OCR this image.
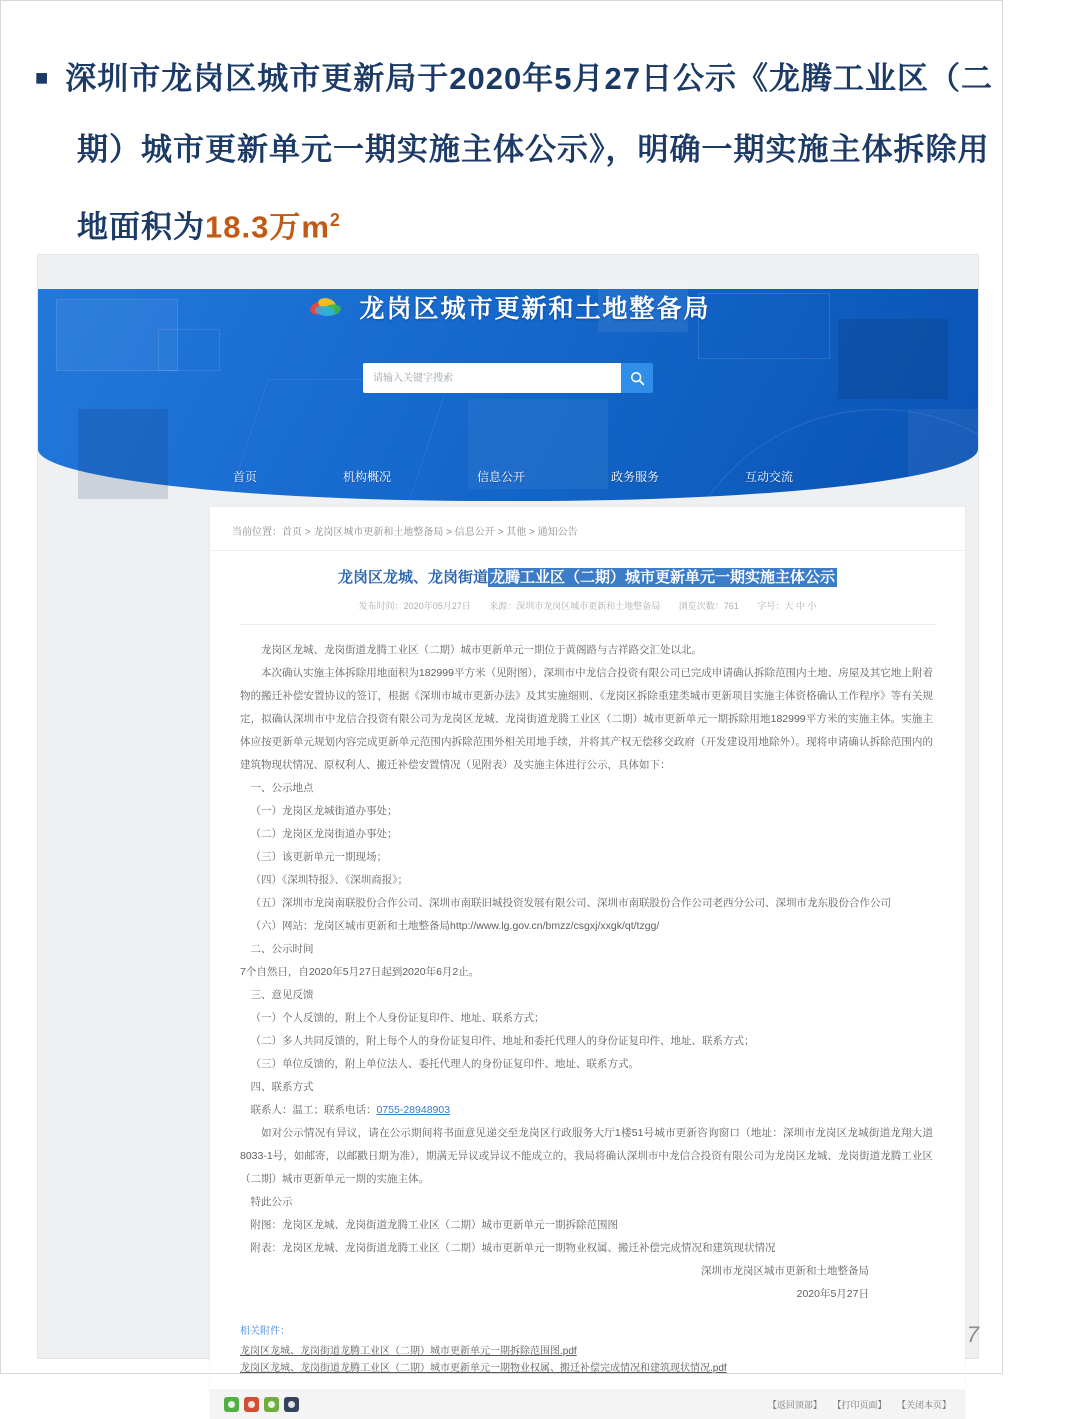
■ 深圳市龙岗区城市更新局于2020年5月27日公示《龙腾工业区（二期）城市更新单元一期实施主体公示》，明确一期实施主体拆除用地面积为18.3万$m^2$
龙岗区城市更新和土地整备局
请输入关键字搜索
首页	机构概况	信息公开	政务服务	互动交流
当前位置：首页 > 龙岗区城市更新和土地整备局 > 信息公开 > 其他 > 通知公告
龙岗区龙城、龙岗街道 龙腾工业区（二期）城市更新单元一期实施主体公示
发布时间：2020年05月27日 来源：深圳市龙岗区城市更新和土地整备局 浏览次数：761 字号：大 中 小

龙岗区龙城、龙岗街道龙腾工业区（二期）城市更新单元一期位于黄阁路与吉祥路交汇处以北。

本次确认实施主体拆除用地面积为182999平方米（见附图），深圳市中龙信合投资有限公司已完成申请确认拆除范围内土地、房屋及其它地上附着物的搬迁补偿安置协议的签订，根据《深圳市城市更新办法》及其实施细则、《龙岗区拆除重建类城市更新项目实施主体资格确认工作程序》等有关规定，拟确认深圳市中龙信合投资有限公司为龙岗区龙城、龙岗街道龙腾工业区（二期）城市更新单元一期拆除用地182999平方米的实施主体。实施主体应按更新单元规划内容完成更新单元范围内拆除范围外相关用地手续，并将其产权无偿移交政府（开发建设用地除外）。现将申请确认拆除范围内的建筑物现状情况、原权利人、搬迁补偿安置情况（见附表）及实施主体进行公示，具体如下：

一、公示地点

（一）龙岗区龙城街道办事处；

（二）龙岗区龙岗街道办事处；

（三）该更新单元一期现场；

（四）《深圳特报》、《深圳商报》；

（五）深圳市龙岗南联股份合作公司、深圳市南联旧城投资发展有限公司、深圳市南联股份合作公司老西分公司、深圳市龙东股份合作公司

（六）网站：龙岗区城市更新和土地整备局http://www.lg.gov.cn/bmzz/csgxj/xxgk/qt/tzgg/

二、公示时间

7个自然日，自2020年5月27日起到2020年6月2止。

三、意见反馈

（一）个人反馈的，附上个人身份证复印件、地址、联系方式；

（二）多人共同反馈的，附上每个人的身份证复印件、地址和委托代理人的身份证复印件、地址、联系方式；

（三）单位反馈的，附上单位法人、委托代理人的身份证复印件、地址、联系方式。

四、联系方式

联系人：温工；联系电话：0755-28948903

如对公示情况有异议，请在公示期间将书面意见递交至龙岗区行政服务大厅1楼51号城市更新咨询窗口（地址：深圳市龙岗区龙城街道龙翔大道8033-1号，如邮寄，以邮戳日期为准），期满无异议或异议不能成立的，我局将确认深圳市中龙信合投资有限公司为龙岗区龙城、龙岗街道龙腾工业区（二期）城市更新单元一期的实施主体。

特此公示

附图：龙岗区龙城、龙岗街道龙腾工业区（二期）城市更新单元一期拆除范围图

附表：龙岗区龙城、龙岗街道龙腾工业区（二期）城市更新单元一期物业权属、搬迁补偿完成情况和建筑现状情况

深圳市龙岗区城市更新和土地整备局

2020年5月27日

相关附件：
龙岗区龙城、龙岗街道龙腾工业区（二期）城市更新单元一期拆除范围图.pdf
龙岗区龙城、龙岗街道龙腾工业区（二期）城市更新单元一期物业权属、搬迁补偿完成情况和建筑现状情况.pdf
【返回顶部】 【打印页面】 【关闭本页】
7
